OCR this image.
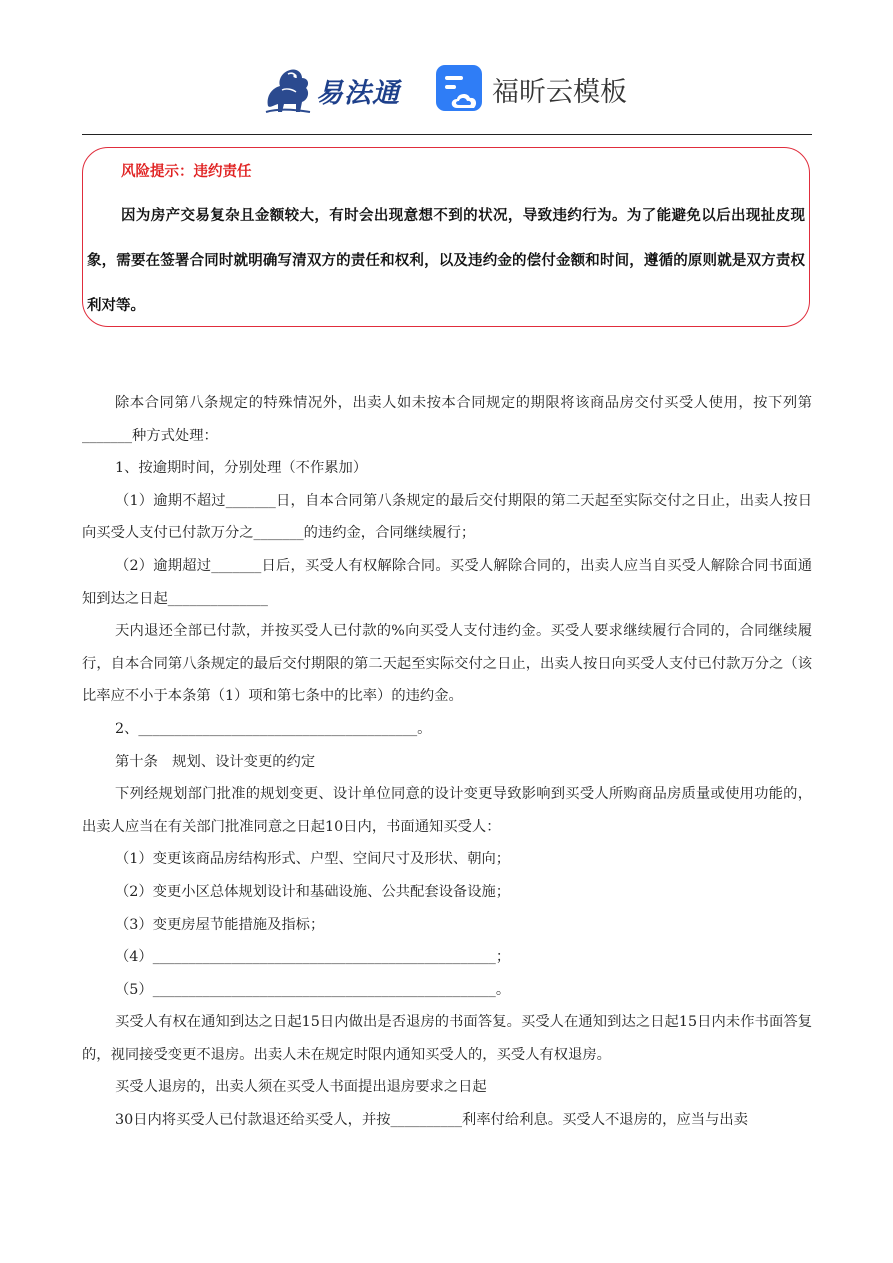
易法通	福昕云模板
风险提示：违约责任
因为房产交易复杂且金额较大，有时会出现意想不到的状况，导致违约行为。为了能避免以后出现扯皮现象，需要在签署合同时就明确写清双方的责任和权利，以及违约金的偿付金额和时间，遵循的原则就是双方责权利对等。

除本合同第八条规定的特殊情况外，出卖人如未按本合同规定的期限将该商品房交付买受人使用，按下列第_______种方式处理：

1、按逾期时间，分别处理（不作累加）

（1）逾期不超过_______日，自本合同第八条规定的最后交付期限的第二天起至实际交付之日止，出卖人按日向买受人支付已付款万分之_______的违约金，合同继续履行；

（2）逾期超过_______日后，买受人有权解除合同。买受人解除合同的，出卖人应当自买受人解除合同书面通知到达之日起______________

天内退还全部已付款，并按买受人已付款的%向买受人支付违约金。买受人要求继续履行合同的，合同继续履行，自本合同第八条规定的最后交付期限的第二天起至实际交付之日止，出卖人按日向买受人支付已付款万分之（该比率应不小于本条第（1）项和第七条中的比率）的违约金。

2、_______________________________________。

第十条　规划、设计变更的约定

下列经规划部门批准的规划变更、设计单位同意的设计变更导致影响到买受人所购商品房质量或使用功能的，出卖人应当在有关部门批准同意之日起10日内，书面通知买受人：

（1）变更该商品房结构形式、户型、空间尺寸及形状、朝向；

（2）变更小区总体规划设计和基础设施、公共配套设备设施；

（3）变更房屋节能措施及指标；

（4）________________________________________________；

（5）________________________________________________。

买受人有权在通知到达之日起15日内做出是否退房的书面答复。买受人在通知到达之日起15日内未作书面答复的，视同接受变更不退房。出卖人未在规定时限内通知买受人的，买受人有权退房。

买受人退房的，出卖人须在买受人书面提出退房要求之日起

30日内将买受人已付款退还给买受人，并按__________利率付给利息。买受人不退房的，应当与出卖
